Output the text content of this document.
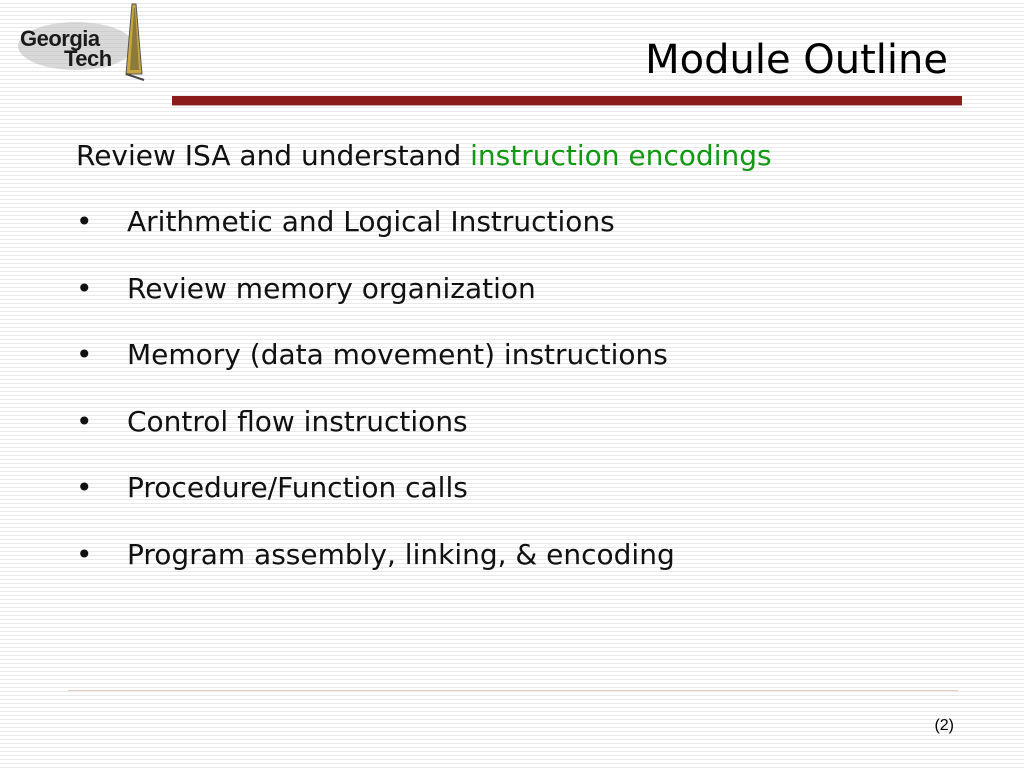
Georgia
Tech	Module Outline

Review ISA and understand instruction encodings

•	Arithmetic and Logical Instructions
•	Review memory organization
•	Memory (data movement) instructions
•	Control flow instructions
•	Procedure/Function calls
•	Program assembly, linking, & encoding
(2)
